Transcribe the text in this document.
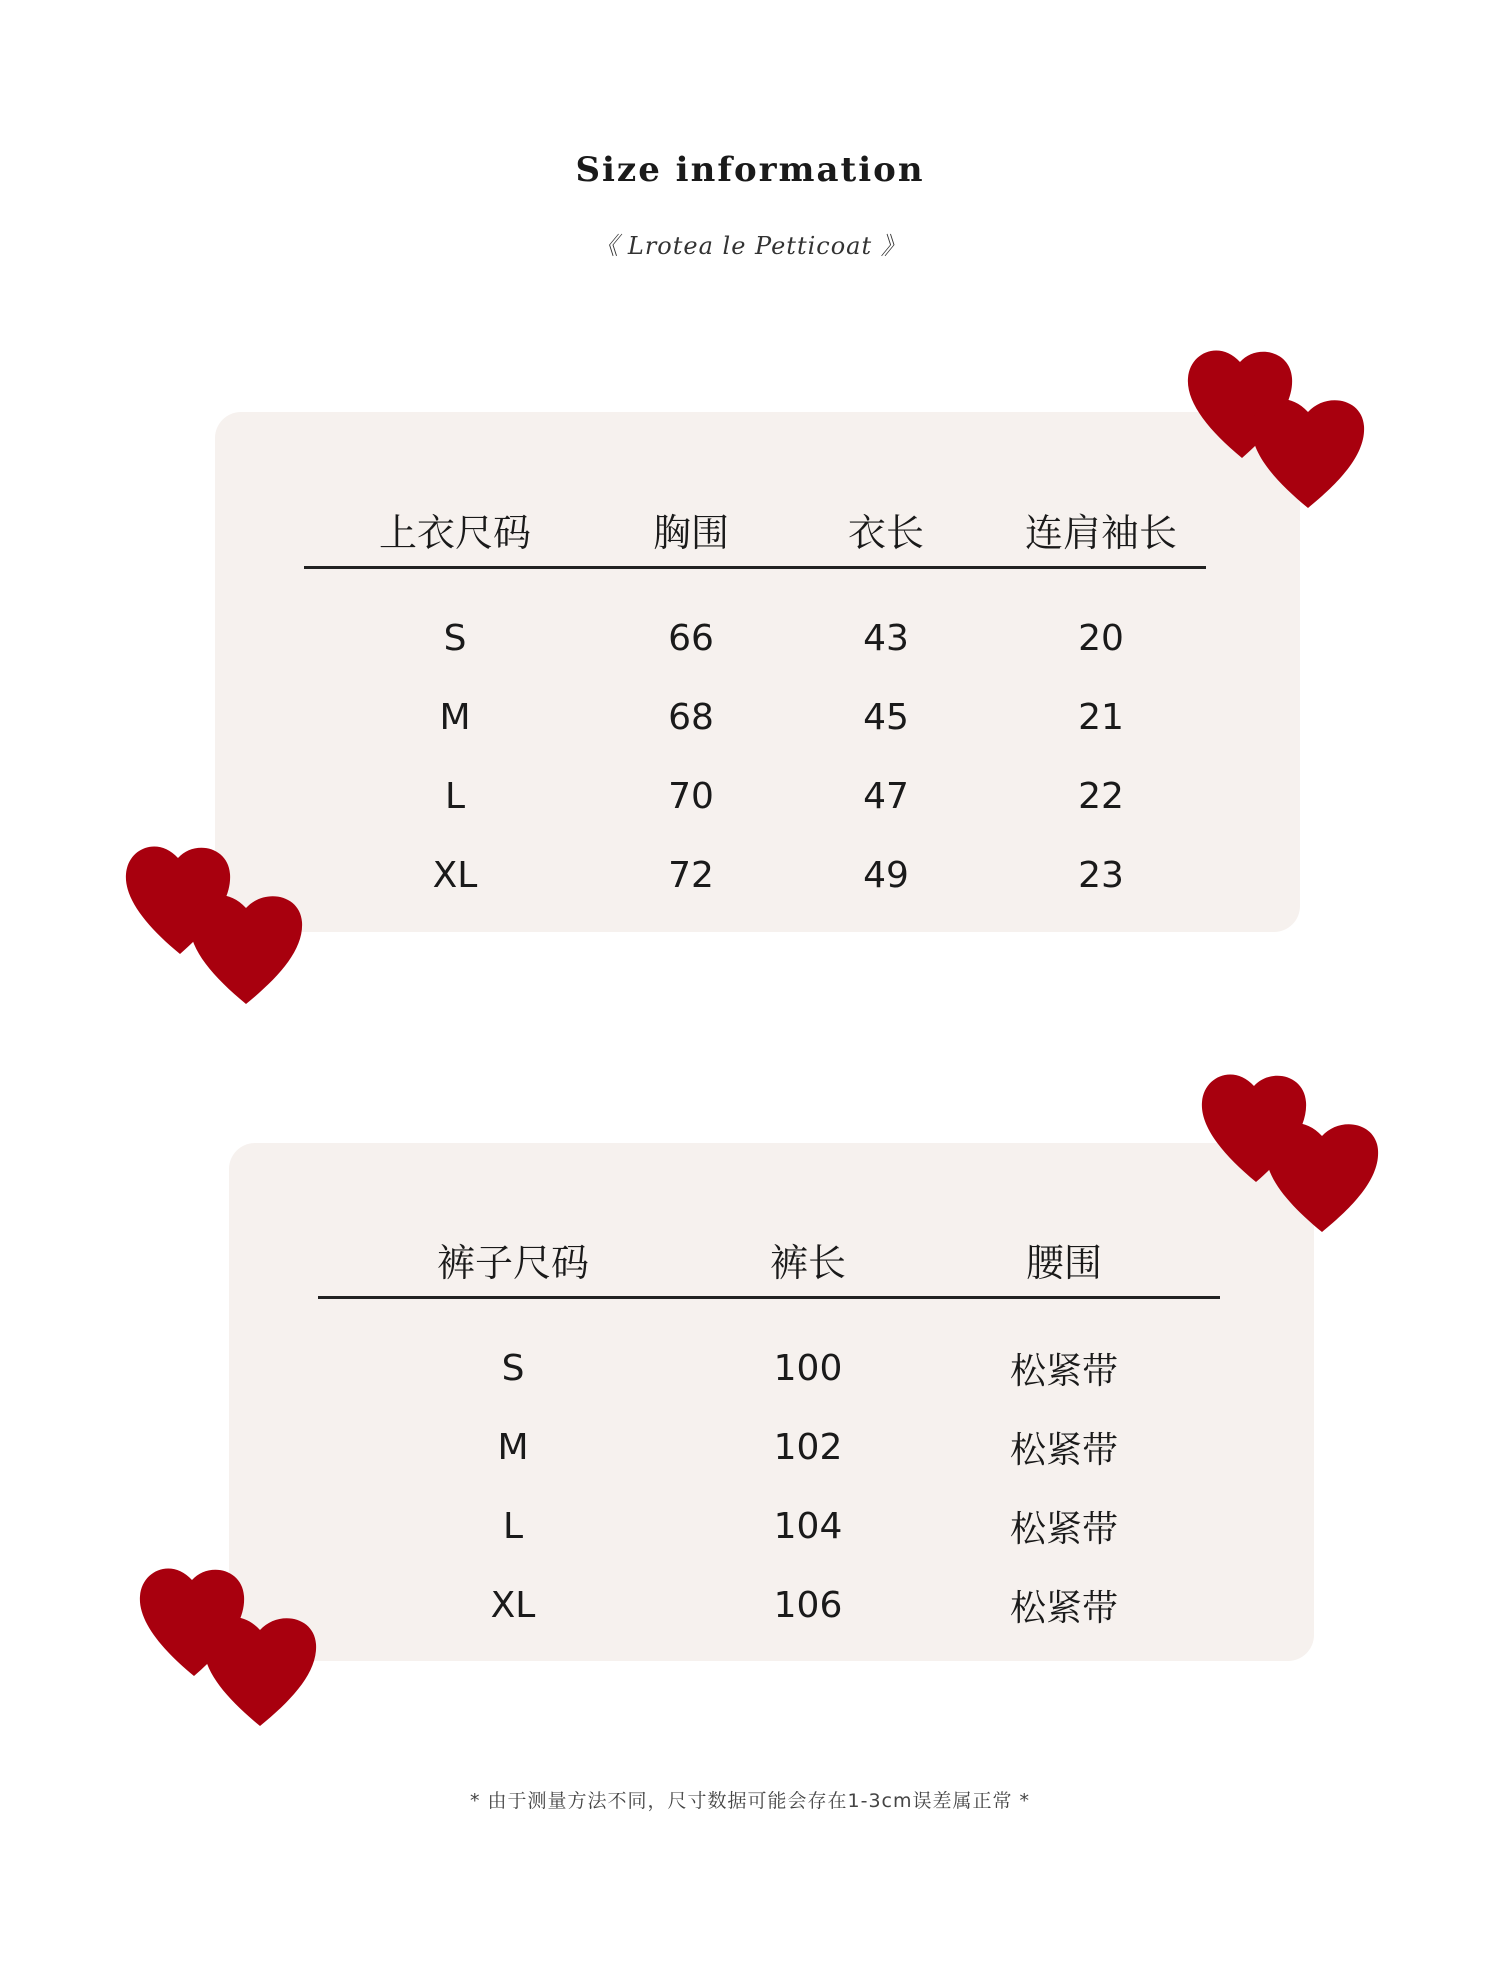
Size information
《 Lrotea le Petticoat 》
上衣尺码	胸围	衣长	连肩袖长
S	66	43	20
M	68	45	21
L	70	47	22
XL	72	49	23
裤子尺码	裤长	腰围
S	100	松紧带
M	102	松紧带
L	104	松紧带
XL	106	松紧带
* 由于测量方法不同，尺寸数据可能会存在1-3cm误差属正常 *
